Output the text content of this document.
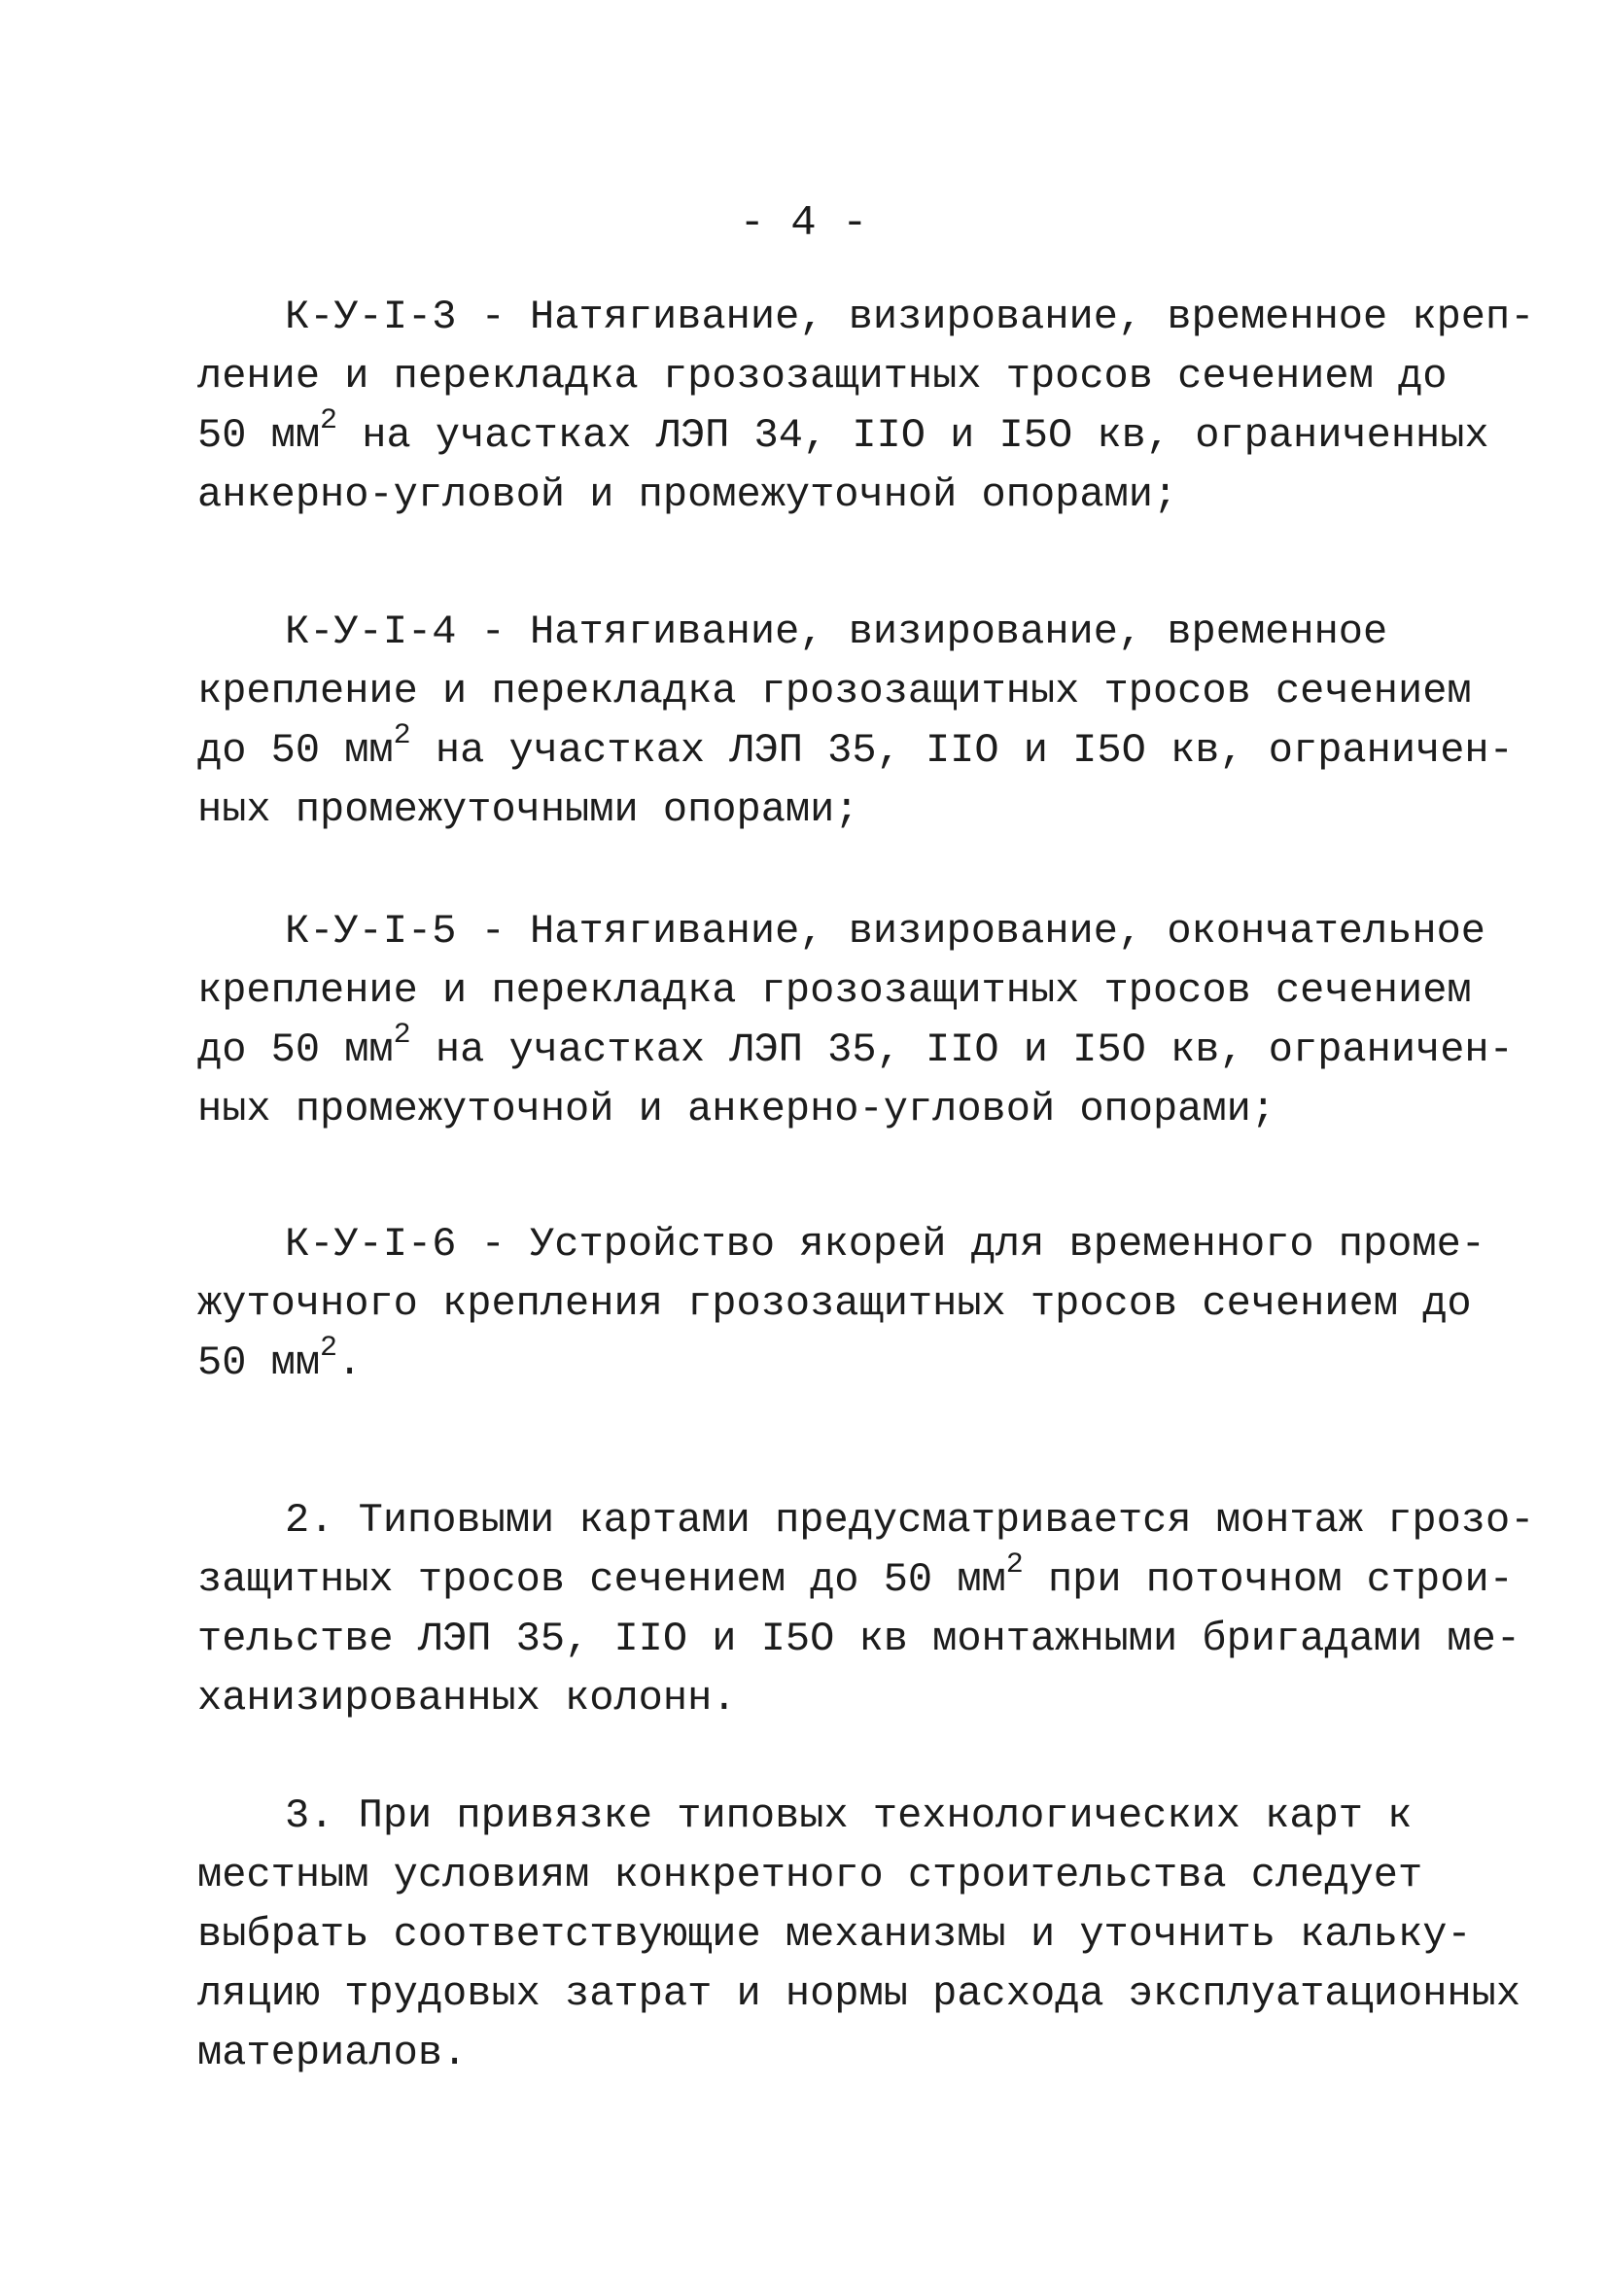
- 4 -
К-У-I-3 - Натягивание, визирование, временное креп-
ление и перекладка грозозащитных тросов сечением до
50 $мм^2$ на участках ЛЭП 34, IIO и I5O кв, ограниченных
анкерно-угловой и промежуточной опорами;
К-У-I-4 - Натягивание, визирование, временное
крепление и перекладка грозозащитных тросов сечением
до 50 $мм^2$ на участках ЛЭП 35, IIO и I5O кв, ограничен-
ных промежуточными опорами;
К-У-I-5 - Натягивание, визирование, окончательное
крепление и перекладка грозозащитных тросов сечением
до 50 $мм^2$ на участках ЛЭП 35, IIO и I5O кв, ограничен-
ных промежуточной и анкерно-угловой опорами;
К-У-I-6 - Устройство якорей для временного проме-
жуточного крепления грозозащитных тросов сечением до
50 $мм^2$.
2. Типовыми картами предусматривается монтаж грозо-
защитных тросов сечением до 50 $мм^2$ при поточном строи-
тельстве ЛЭП 35, IIO и I5O кв монтажными бригадами ме-
ханизированных колонн.
3. При привязке типовых технологических карт к
местным условиям конкретного строительства следует
выбрать соответствующие механизмы и уточнить кальку-
ляцию трудовых затрат и нормы расхода эксплуатационных
материалов.
